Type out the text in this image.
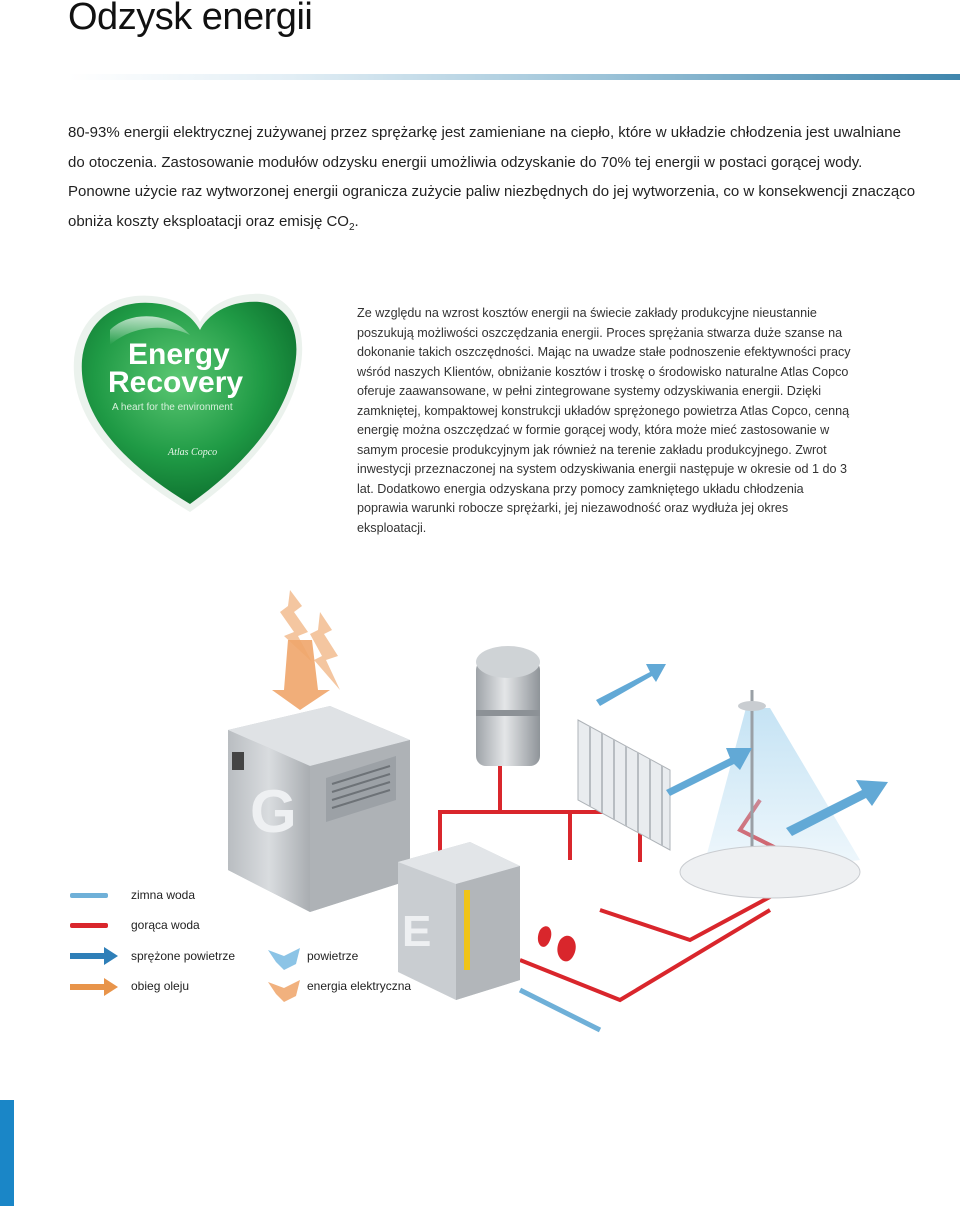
Odzysk energii
80-93% energii elektrycznej zużywanej przez sprężarkę jest zamieniane na ciepło, które w układzie chłodzenia jest uwalniane do otoczenia. Zastosowanie modułów odzysku energii umożliwia odzyskanie do 70% tej energii w postaci gorącej wody. Ponowne użycie raz wytworzonej energii ogranicza zużycie paliw niezbędnych do jej wytworzenia, co w konsekwencji znacząco obniża koszty eksploatacji oraz emisję $CO_2$.
Ze względu na wzrost kosztów energii na świecie zakłady produkcyjne nieustannie poszukują możliwości oszczędzania energii. Proces sprężania stwarza duże szanse na dokonanie takich oszczędności. Mając na uwadze stałe podnoszenie efektywności pracy wśród naszych Klientów, obniżanie kosztów i troskę o środowisko naturalne Atlas Copco oferuje zaawansowane, w pełni zintegrowane systemy odzyskiwania energii. Dzięki zamkniętej, kompaktowej konstrukcji układów sprężonego powietrza Atlas Copco, cenną energię można oszczędzać w formie gorącej wody, która może mieć zastosowanie w samym procesie produkcyjnym jak również na terenie zakładu produkcyjnego. Zwrot inwestycji przeznaczonej na system odzyskiwania energii następuje w okresie od 1 do 3 lat. Dodatkowo energia odzyskana przy pomocy zamkniętego układu chłodzenia poprawia warunki robocze sprężarki, jej niezawodność oraz wydłuża jej okres eksploatacji.
Energy
Recovery
A heart for the environment
Atlas Copco
G
E
zimna woda
gorąca woda
sprężone powietrze
obieg oleju
powietrze
energia elektryczna
